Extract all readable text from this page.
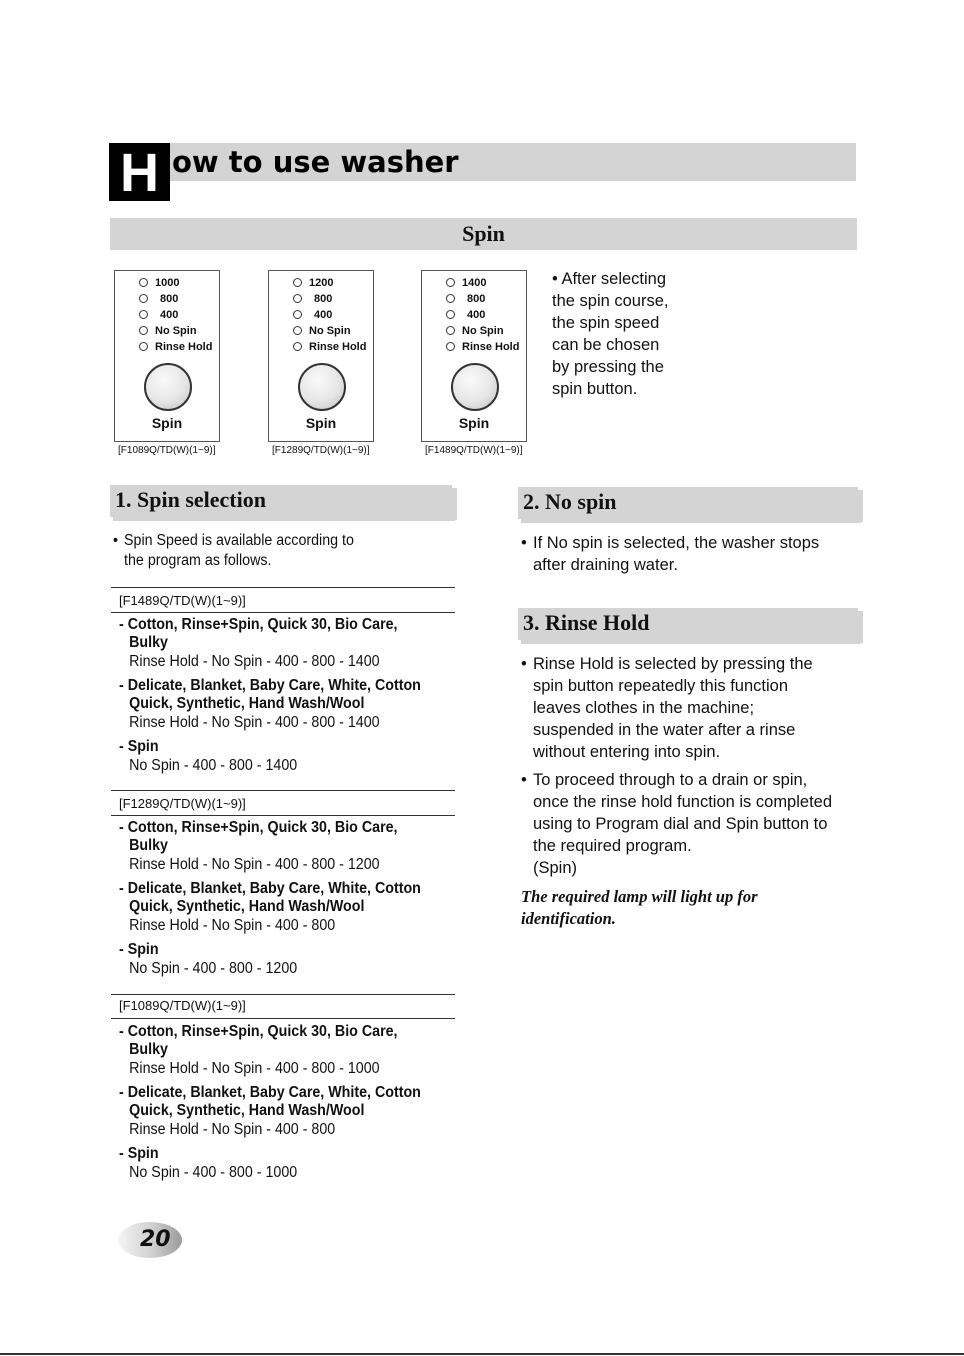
H ow to use washer
Spin
1000
800
400
No Spin
Rinse Hold
Spin
[F1089Q/TD(W)(1~9)]
1200
800
400
No Spin
Rinse Hold
Spin
[F1289Q/TD(W)(1~9)]
1400
800
400
No Spin
Rinse Hold
Spin
[F1489Q/TD(W)(1~9)]
• After selecting
the spin course,
the spin speed
can be chosen
by pressing the
spin button.
1. Spin selection
• Spin Speed is available according to
the program as follows.
[F1489Q/TD(W)(1~9)]
- Cotton, Rinse+Spin, Quick 30, Bio Care,
Bulky
Rinse Hold - No Spin - 400 - 800 - 1400
- Delicate, Blanket, Baby Care, White, Cotton
Quick, Synthetic, Hand Wash/Wool
Rinse Hold - No Spin - 400 - 800 - 1400
- Spin
No Spin - 400 - 800 - 1400
[F1289Q/TD(W)(1~9)]
- Cotton, Rinse+Spin, Quick 30, Bio Care,
Bulky
Rinse Hold - No Spin - 400 - 800 - 1200
- Delicate, Blanket, Baby Care, White, Cotton
Quick, Synthetic, Hand Wash/Wool
Rinse Hold - No Spin - 400 - 800
- Spin
No Spin - 400 - 800 - 1200
[F1089Q/TD(W)(1~9)]
- Cotton, Rinse+Spin, Quick 30, Bio Care,
Bulky
Rinse Hold - No Spin - 400 - 800 - 1000
- Delicate, Blanket, Baby Care, White, Cotton
Quick, Synthetic, Hand Wash/Wool
Rinse Hold - No Spin - 400 - 800
- Spin
No Spin - 400 - 800 - 1000
2. No spin
• If No spin is selected, the washer stops
after draining water.
3. Rinse Hold
• Rinse Hold is selected by pressing the
spin button repeatedly this function
leaves clothes in the machine;
suspended in the water after a rinse
without entering into spin.
• To proceed through to a drain or spin,
once the rinse hold function is completed
using to Program dial and Spin button to
the required program.
(Spin)
The required lamp will light up for
identification.
20
